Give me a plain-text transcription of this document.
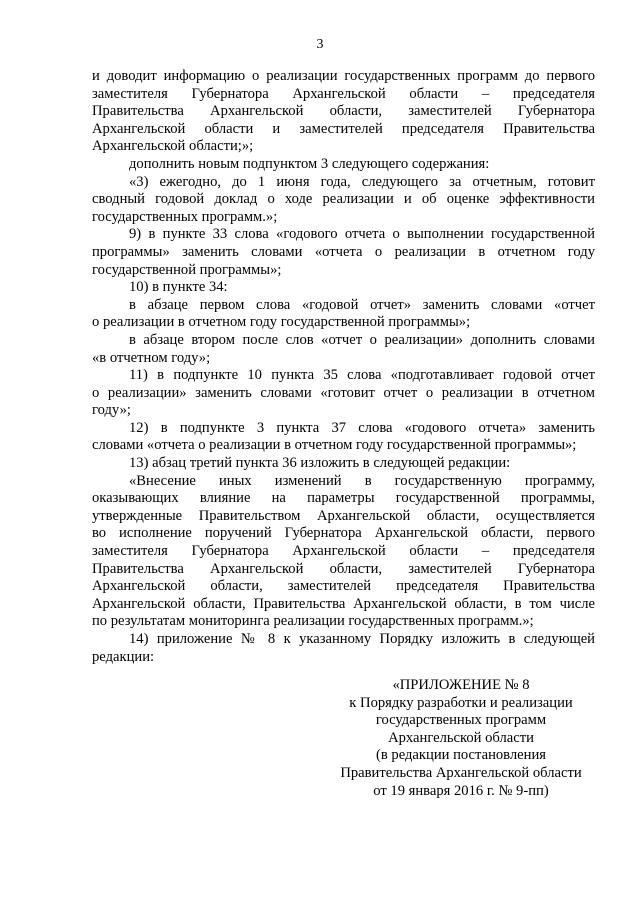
3
и доводит информацию о реализации государственных программ до первого
заместителя Губернатора Архангельской области – председателя
Правительства Архангельской области, заместителей Губернатора
Архангельской области и заместителей председателя Правительства
Архангельской области;»;
дополнить новым подпунктом 3 следующего содержания:
«3) ежегодно, до 1 июня года, следующего за отчетным, готовит
сводный годовой доклад о ходе реализации и об оценке эффективности
государственных программ.»;
9) в пункте 33 слова «годового отчета о выполнении государственной
программы» заменить словами «отчета о реализации в отчетном году
государственной программы»;
10) в пункте 34:
в абзаце первом слова «годовой отчет» заменить словами «отчет
о реализации в отчетном году государственной программы»;
в абзаце втором после слов «отчет о реализации» дополнить словами
«в отчетном году»;
11) в подпункте 10 пункта 35 слова «подготавливает годовой отчет
о реализации» заменить словами «готовит отчет о реализации в отчетном
году»;
12) в подпункте 3 пункта 37 слова «годового отчета» заменить
словами «отчета о реализации в отчетном году государственной программы»;
13) абзац третий пункта 36 изложить в следующей редакции:
«Внесение иных изменений в государственную программу,
оказывающих влияние на параметры государственной программы,
утвержденные Правительством Архангельской области, осуществляется
во исполнение поручений Губернатора Архангельской области, первого
заместителя Губернатора Архангельской области – председателя
Правительства Архангельской области, заместителей Губернатора
Архангельской области, заместителей председателя Правительства
Архангельской области, Правительства Архангельской области, в том числе
по результатам мониторинга реализации государственных программ.»;
14) приложение № 8 к указанному Порядку изложить в следующей
редакции:
«ПРИЛОЖЕНИЕ № 8
к Порядку разработки и реализации
государственных программ
Архангельской области
(в редакции постановления
Правительства Архангельской области
от 19 января 2016 г. № 9-пп)
